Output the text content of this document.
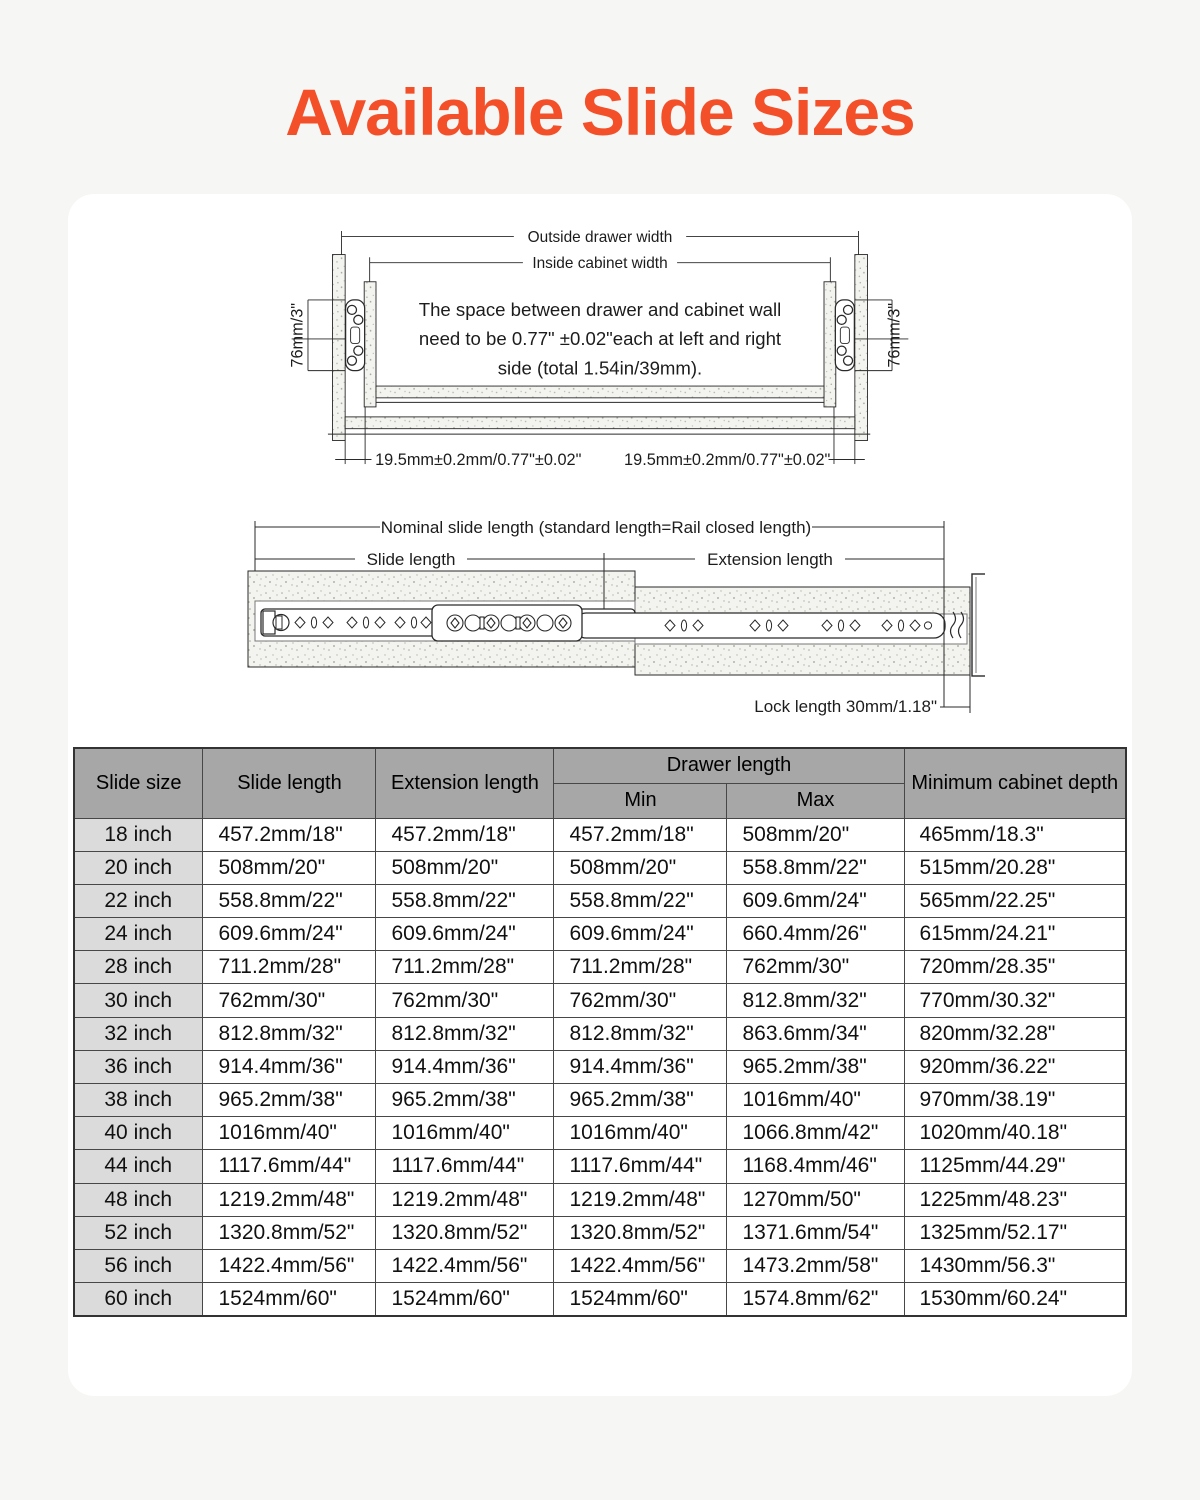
Available Slide Sizes
Outside drawer width
Inside cabinet width
The space between drawer and cabinet wall
need to be 0.77" ±0.02"each at left and right
side (total 1.54in/39mm).
76mm/3"	76mm/3"
19.5mm±0.2mm/0.77"±0.02" 19.5mm±0.2mm/0.77"±0.02"
Nominal slide length (standard length=Rail closed length)
Slide length	Extension length
Lock length 30mm/1.18"
Slide size	Slide length	Extension length	Drawer length		Minimum cabinet depth
			Min	Max	
18 inch	457.2mm/18"	457.2mm/18"	457.2mm/18"	508mm/20"	465mm/18.3"
20 inch	508mm/20"	508mm/20"	508mm/20"	558.8mm/22"	515mm/20.28"
22 inch	558.8mm/22"	558.8mm/22"	558.8mm/22"	609.6mm/24"	565mm/22.25"
24 inch	609.6mm/24"	609.6mm/24"	609.6mm/24"	660.4mm/26"	615mm/24.21"
28 inch	711.2mm/28"	711.2mm/28"	711.2mm/28"	762mm/30"	720mm/28.35"
30 inch	762mm/30"	762mm/30"	762mm/30"	812.8mm/32"	770mm/30.32"
32 inch	812.8mm/32"	812.8mm/32"	812.8mm/32"	863.6mm/34"	820mm/32.28"
36 inch	914.4mm/36"	914.4mm/36"	914.4mm/36"	965.2mm/38"	920mm/36.22"
38 inch	965.2mm/38"	965.2mm/38"	965.2mm/38"	1016mm/40"	970mm/38.19"
40 inch	1016mm/40"	1016mm/40"	1016mm/40"	1066.8mm/42"	1020mm/40.18"
44 inch	1117.6mm/44"	1117.6mm/44"	1117.6mm/44"	1168.4mm/46"	1125mm/44.29"
48 inch	1219.2mm/48"	1219.2mm/48"	1219.2mm/48"	1270mm/50"	1225mm/48.23"
52 inch	1320.8mm/52"	1320.8mm/52"	1320.8mm/52"	1371.6mm/54"	1325mm/52.17"
56 inch	1422.4mm/56"	1422.4mm/56"	1422.4mm/56"	1473.2mm/58"	1430mm/56.3"
60 inch	1524mm/60"	1524mm/60"	1524mm/60"	1574.8mm/62"	1530mm/60.24"
